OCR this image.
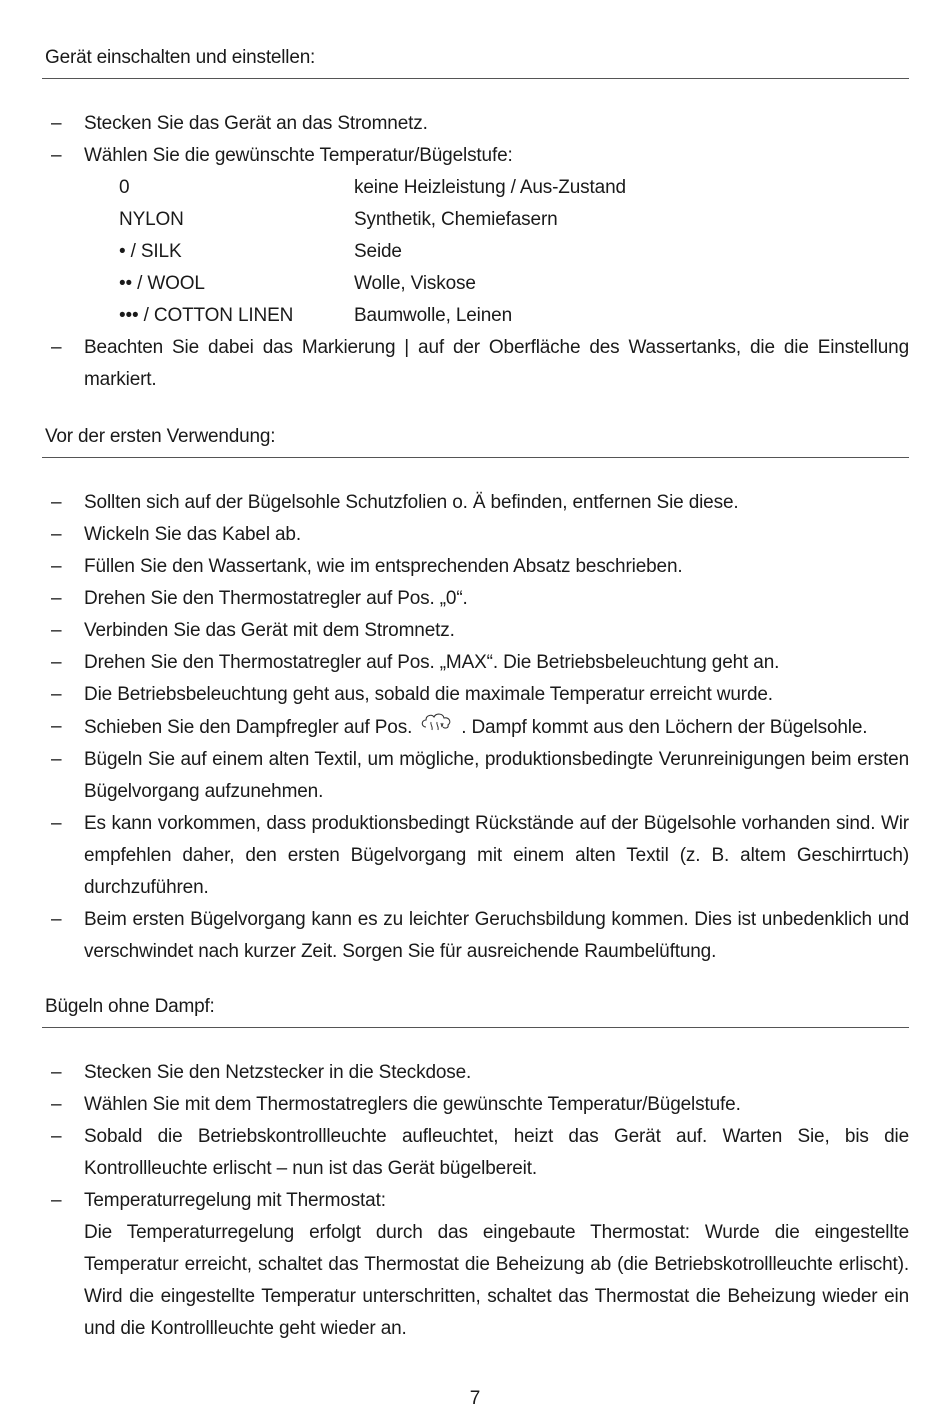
Gerät einschalten und einstellen:
– Stecken Sie das Gerät an das Stromnetz.
– Wählen Sie die gewünschte Temperatur/Bügelstufe:
0	keine Heizleistung / Aus-Zustand
NYLON	Synthetik, Chemiefasern
• / SILK	Seide
•• / WOOL	Wolle, Viskose
••• / COTTON LINEN	Baumwolle, Leinen
– Beachten Sie dabei das Markierung | auf der Oberfläche des Wassertanks, die die Einstellung markiert.
Vor der ersten Verwendung:
– Sollten sich auf der Bügelsohle Schutzfolien o. Ä befinden, entfernen Sie diese.
– Wickeln Sie das Kabel ab.
– Füllen Sie den Wassertank, wie im entsprechenden Absatz beschrieben.
– Drehen Sie den Thermostatregler auf Pos. „0“.
– Verbinden Sie das Gerät mit dem Stromnetz.
– Drehen Sie den Thermostatregler auf Pos. „MAX“. Die Betriebsbeleuchtung geht an.
– Die Betriebsbeleuchtung geht aus, sobald die maximale Temperatur erreicht wurde.
– Schieben Sie den Dampfregler auf Pos.	. Dampf kommt aus den Löchern der Bügelsohle.
– Bügeln Sie auf einem alten Textil, um mögliche, produktionsbedingte Verunreinigungen beim ersten Bügelvorgang aufzunehmen.
– Es kann vorkommen, dass produktionsbedingt Rückstände auf der Bügelsohle vorhanden sind. Wir empfehlen daher, den ersten Bügelvorgang mit einem alten Textil (z. B. altem Geschirrtuch) durchzuführen.
– Beim ersten Bügelvorgang kann es zu leichter Geruchsbildung kommen. Dies ist unbedenklich und verschwindet nach kurzer Zeit. Sorgen Sie für ausreichende Raumbelüftung.
Bügeln ohne Dampf:
– Stecken Sie den Netzstecker in die Steckdose.
– Wählen Sie mit dem Thermostatreglers die gewünschte Temperatur/Bügelstufe.
– Sobald die Betriebskontrollleuchte aufleuchtet, heizt das Gerät auf. Warten Sie, bis die Kontrollleuchte erlischt – nun ist das Gerät bügelbereit.
– Temperaturregelung mit Thermostat:
Die Temperaturregelung erfolgt durch das eingebaute Thermostat: Wurde die eingestellte Temperatur erreicht, schaltet das Thermostat die Beheizung ab (die Betriebskotrollleuchte erlischt). Wird die eingestellte Temperatur unterschritten, schaltet das Thermostat die Beheizung wieder ein und die Kontrollleuchte geht wieder an.
7
